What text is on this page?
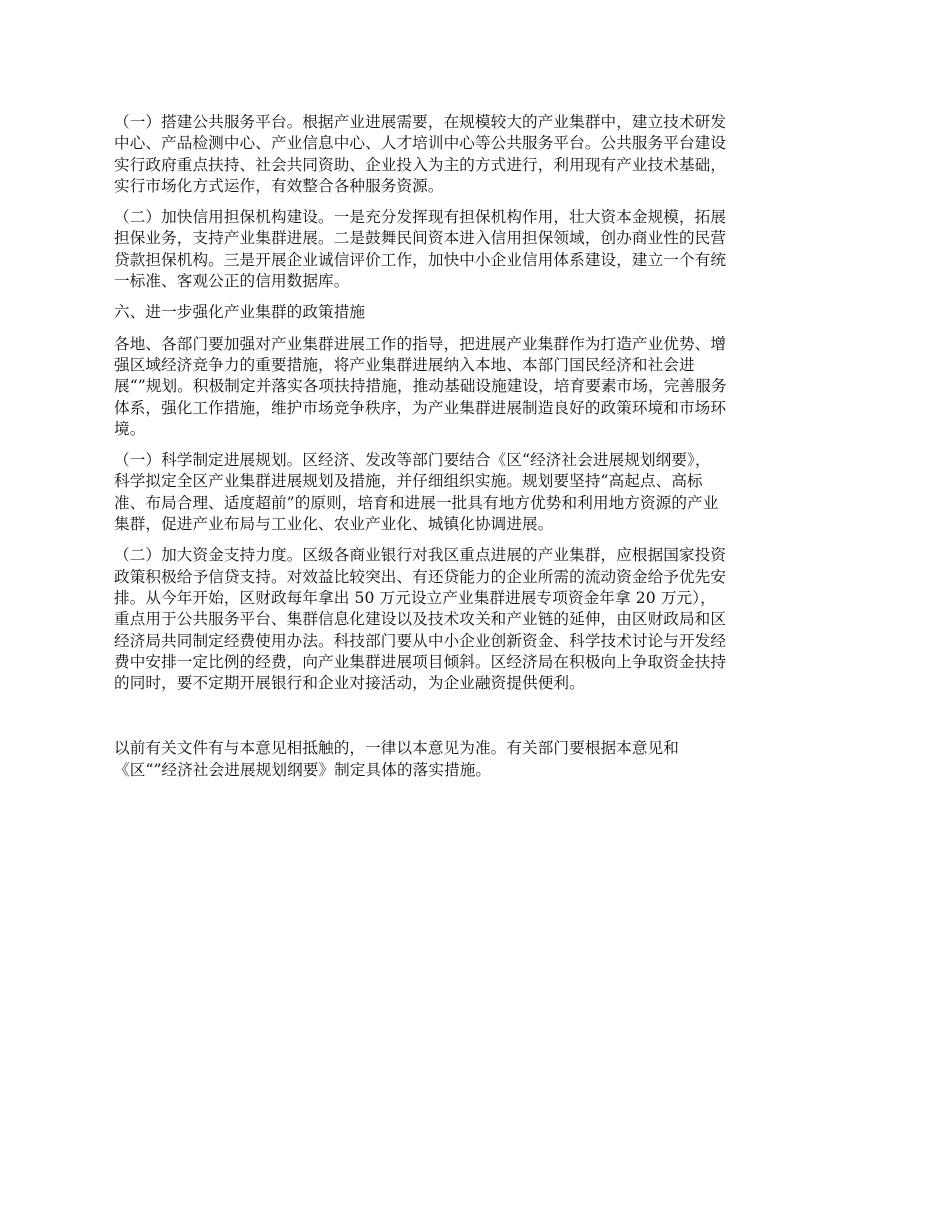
（一）搭建公共服务平台。根据产业进展需要，在规模较大的产业集群中，建立技术研发
中心、产品检测中心、产业信息中心、人才培训中心等公共服务平台。公共服务平台建设
实行政府重点扶持、社会共同资助、企业投入为主的方式进行，利用现有产业技术基础，
实行市场化方式运作，有效整合各种服务资源。
（二）加快信用担保机构建设。一是充分发挥现有担保机构作用，壮大资本金规模，拓展
担保业务，支持产业集群进展。二是鼓舞民间资本进入信用担保领域，创办商业性的民营
贷款担保机构。三是开展企业诚信评价工作，加快中小企业信用体系建设，建立一个有统
一标准、客观公正的信用数据库。
六、进一步强化产业集群的政策措施
各地、各部门要加强对产业集群进展工作的指导，把进展产业集群作为打造产业优势、增
强区域经济竞争力的重要措施，将产业集群进展纳入本地、本部门国民经济和社会进
展“”规划。积极制定并落实各项扶持措施，推动基础设施建设，培育要素市场，完善服务
体系，强化工作措施，维护市场竞争秩序，为产业集群进展制造良好的政策环境和市场环
境。
（一）科学制定进展规划。区经济、发改等部门要结合《区“经济社会进展规划纲要》，
科学拟定全区产业集群进展规划及措施，并仔细组织实施。规划要坚持“高起点、高标
准、布局合理、适度超前”的原则，培育和进展一批具有地方优势和利用地方资源的产业
集群，促进产业布局与工业化、农业产业化、城镇化协调进展。
（二）加大资金支持力度。区级各商业银行对我区重点进展的产业集群，应根据国家投资
政策积极给予信贷支持。对效益比较突出、有还贷能力的企业所需的流动资金给予优先安
排。从今年开始，区财政每年拿出 50 万元设立产业集群进展专项资金年拿 20 万元），
重点用于公共服务平台、集群信息化建设以及技术攻关和产业链的延伸，由区财政局和区
经济局共同制定经费使用办法。科技部门要从中小企业创新资金、科学技术讨论与开发经
费中安排一定比例的经费，向产业集群进展项目倾斜。区经济局在积极向上争取资金扶持
的同时，要不定期开展银行和企业对接活动，为企业融资提供便利。
以前有关文件有与本意见相抵触的，一律以本意见为准。有关部门要根据本意见和
《区“”经济社会进展规划纲要》制定具体的落实措施。
